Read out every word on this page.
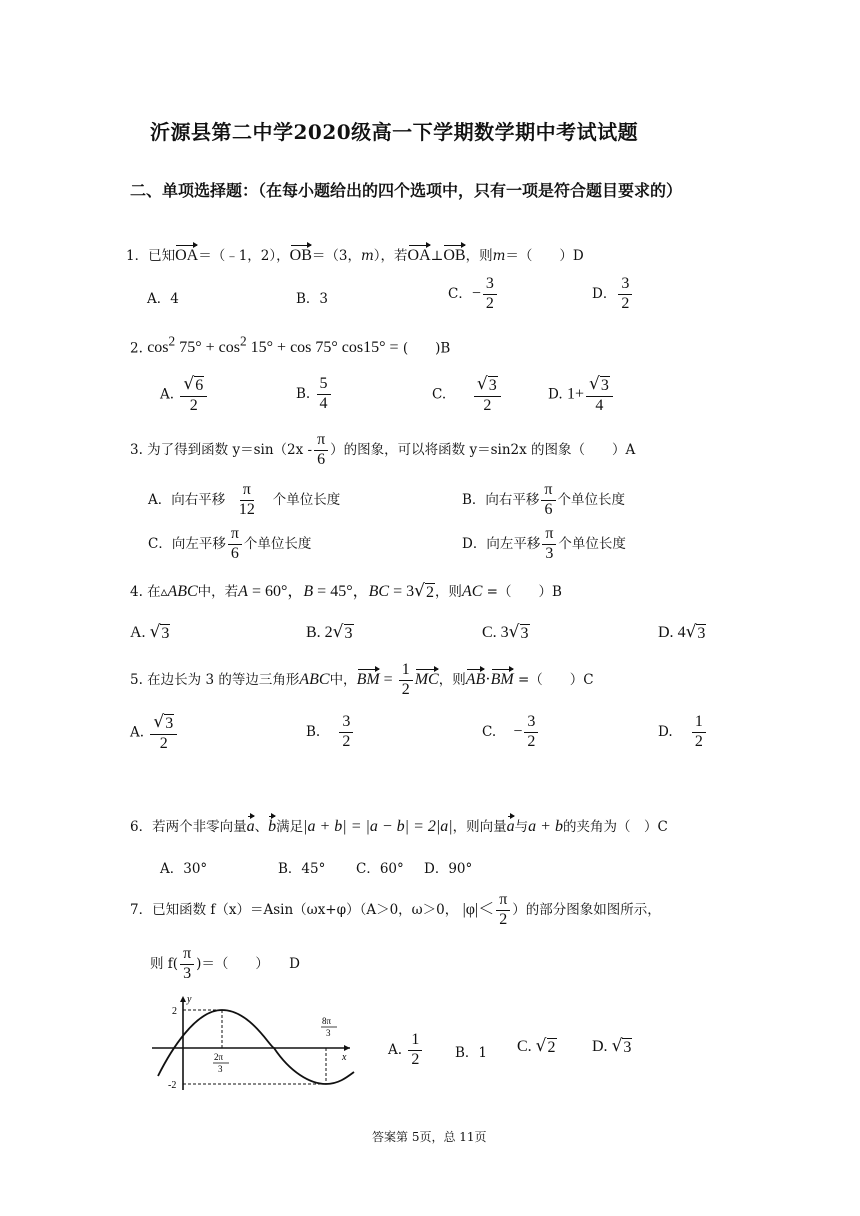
沂源县第二中学2020级高一下学期数学期中考试试题
二、单项选择题：（在每小题给出的四个选项中，只有一项是符合题目要求的）
1．已知OA＝（﹣1，2），OB＝（3，m），若OA⊥OB，则m＝（　　）D
A．4	B．3	C．− $\frac{3}{2}$	D． $\frac{3}{2}$
2. $\cos^2 75^\circ + \cos^2 15^\circ + \cos 75^\circ$ cos15° = (　　)B
A. $\frac{√ 6}{2}$	B. $\frac{5}{4}$	C. $\frac{√ 3}{2}$	D. $1+ \frac{√ 3}{4}$
3. 为了得到函数 $y=\sin(2x - \frac{\pi}{6}$ ）的图象，可以将函数 y＝sin2x 的图象（　　）A
A．向右平移 $\frac{\pi}{12}$ 个单位长度	B．向右平移 $\frac{\pi}{6}$ 个单位长度
C．向左平移 $\frac{\pi}{6}$ 个单位长度	D．向左平移 $\frac{\pi}{3}$ 个单位长度
4. 在▵ABC中，若A = 60°，B = 45°，BC = 3 √ 2 ，则AC =（　　）B
A. √ 3	B. 2 √ 3	C. 3 √ 3	D. 4 √ 3
5. 在边长为 3 的等边三角形ABC中，BM = $\frac{1}{2}$ MC，则AB·BM =（　　）C
A. $\frac{√ 3}{2}$	B. $\frac{3}{2}$	C. − $\frac{3}{2}$	D. $\frac{1}{2}$
6．若两个非零向量a、b满足|a + b| = |a − b| = 2|a|，则向量a与a + b的夹角为（　）C
A．30°	B．45° C．60° D．90°
7．已知函数 f（x）＝Asin（ωx+φ）（A＞0，ω＞0， $|\varphi|< \frac{\pi}{2}$ ）的部分图象如图所示，
则 $f( \frac{\pi}{3}$ )＝（　　）　　D
y
x
2
-2
2π
3
8π
3
A. $\frac{1}{2}$ B．1 C. √ 2 D. √ 3
答案第 5页，总 11页
